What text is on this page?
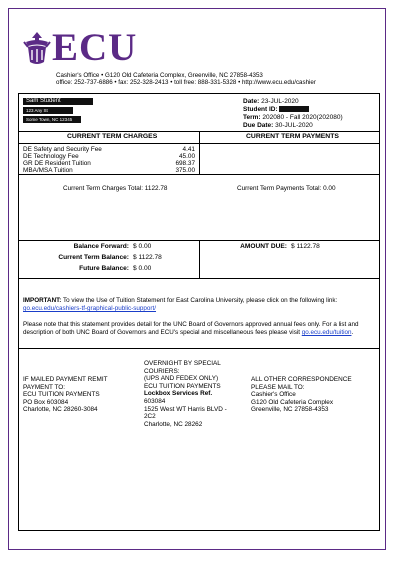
ECU
Cashier's Office • G120 Old Cafeteria Complex, Greenville, NC 27858-4353
office: 252-737-6886 • fax: 252-328-2413 • toll free: 888-331-5328 • http://www.ecu.edu/cashier
Sam Student
123 Any St
Some Town, NC 12345
Date: 23-JUL-2020
Student ID:
Term: 202080 - Fall 2020(202080)
Due Date: 30-JUL-2020
CURRENT TERM CHARGES	CURRENT TERM PAYMENTS
DE Safety and Security Fee	4.41
DE Technology Fee	45.00
GR DE Resident Tuition	698.37
MBA/MSA Tuition	375.00
Current Term Charges Total: 1122.78	Current Term Payments Total: 0.00
Balance Forward: $ 0.00
Current Term Balance: $ 1122.78
Future Balance: $ 0.00
AMOUNT DUE: $ 1122.78
IMPORTANT: To view the Use of Tuition Statement for East Carolina University, please click on the following link:
go.ecu.edu/cashiers-tf-graphical-public-support/
Please note that this statement provides detail for the UNC Board of Governors approved annual fees only. For a list and description of both UNC Board of Governors and ECU's special and miscellaneous fees please visit go.ecu.edu/tuition.
IF MAILED PAYMENT REMIT
PAYMENT TO:
ECU TUITION PAYMENTS
PO Box 603084
Charlotte, NC 28260-3084
OVERNIGHT BY SPECIAL
COURIERS:
(UPS AND FEDEX ONLY)
ECU TUITION PAYMENTS
Lockbox Services Ref.
603084
1525 West WT Harris BLVD -
2C2
Charlotte, NC 28262
ALL OTHER CORRESPONDENCE
PLEASE MAIL TO:
Cashier's Office
G120 Old Cafeteria Complex
Greenville, NC 27858-4353
